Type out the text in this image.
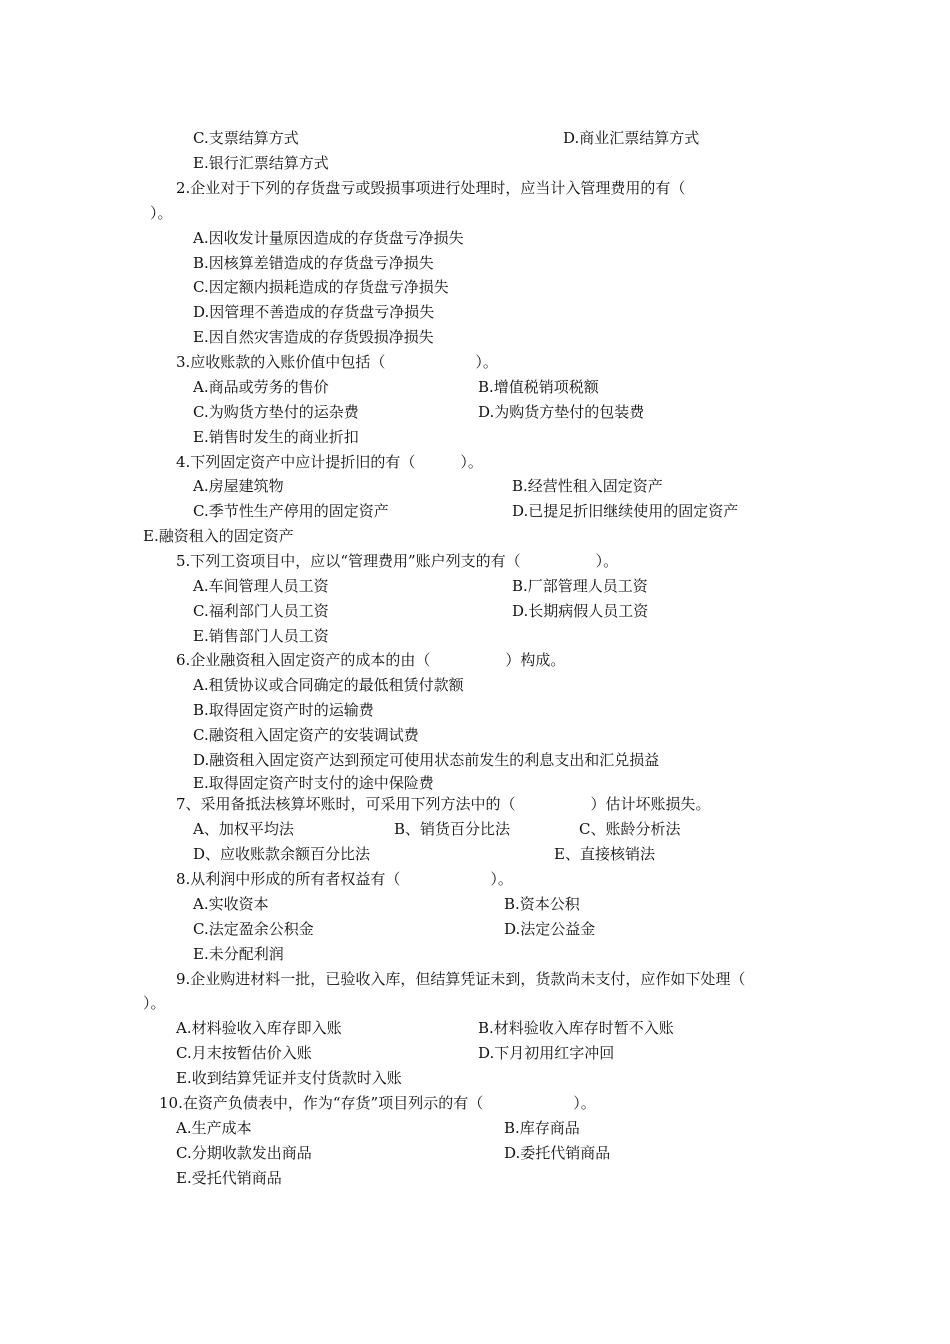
C.支票结算方式	D.商业汇票结算方式
E.银行汇票结算方式
2.企业对于下列的存货盘亏或毁损事项进行处理时，应当计入管理费用的有（
）。
A.因收发计量原因造成的存货盘亏净损失
B.因核算差错造成的存货盘亏净损失
C.因定额内损耗造成的存货盘亏净损失
D.因管理不善造成的存货盘亏净损失
E.因自然灾害造成的存货毁损净损失
3.应收账款的入账价值中包括（　　　　　　）。
A.商品或劳务的售价	B.增值税销项税额
C.为购货方垫付的运杂费	D.为购货方垫付的包装费
E.销售时发生的商业折扣
4.下列固定资产中应计提折旧的有（　　　）。
A.房屋建筑物	B.经营性租入固定资产
C.季节性生产停用的固定资产	D.已提足折旧继续使用的固定资产
E.融资租入的固定资产
5.下列工资项目中，应以“管理费用”账户列支的有（　　　　　）。
A.车间管理人员工资	B.厂部管理人员工资
C.福利部门人员工资	D.长期病假人员工资
E.销售部门人员工资
6.企业融资租入固定资产的成本的由（　　　　　）构成。
A.租赁协议或合同确定的最低租赁付款额
B.取得固定资产时的运输费
C.融资租入固定资产的安装调试费
D.融资租入固定资产达到预定可使用状态前发生的利息支出和汇兑损益
E.取得固定资产时支付的途中保险费
7、采用备抵法核算坏账时，可采用下列方法中的（　　　　　）估计坏账损失。
A、加权平均法	B、销货百分比法	C、账龄分析法
D、应收账款余额百分比法	E、直接核销法
8.从利润中形成的所有者权益有（　　　　　　）。
A.实收资本	B.资本公积
C.法定盈余公积金	D.法定公益金
E.未分配利润
9.企业购进材料一批，已验收入库，但结算凭证未到，货款尚未支付，应作如下处理（
）。
A.材料验收入库存即入账	B.材料验收入库存时暂不入账
C.月末按暂估价入账	D.下月初用红字冲回
E.收到结算凭证并支付货款时入账
10.在资产负债表中，作为“存货”项目列示的有（　　　　　　）。
A.生产成本	B.库存商品
C.分期收款发出商品	D.委托代销商品
E.受托代销商品
